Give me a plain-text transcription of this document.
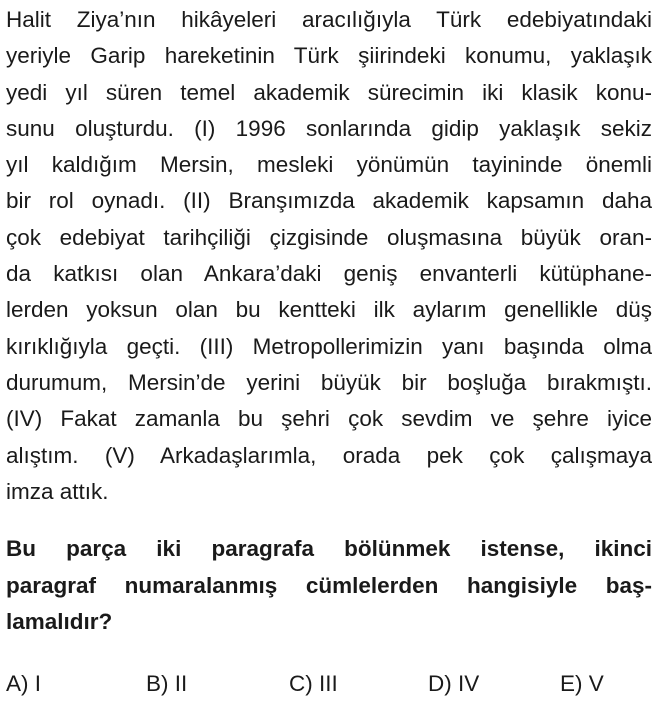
Halit Ziya’nın hikâyeleri aracılığıyla Türk edebiyatındaki
yeriyle Garip hareketinin Türk şiirindeki konumu, yaklaşık
yedi yıl süren temel akademik sürecimin iki klasik konu-
sunu oluşturdu. (I) 1996 sonlarında gidip yaklaşık sekiz
yıl kaldığım Mersin, mesleki yönümün tayininde önemli
bir rol oynadı. (II) Branşımızda akademik kapsamın daha
çok edebiyat tarihçiliği çizgisinde oluşmasına büyük oran-
da katkısı olan Ankara’daki geniş envanterli kütüphane-
lerden yoksun olan bu kentteki ilk aylarım genellikle düş
kırıklığıyla geçti. (III) Metropollerimizin yanı başında olma
durumum, Mersin’de yerini büyük bir boşluğa bırakmıştı.
(IV) Fakat zamanla bu şehri çok sevdim ve şehre iyice
alıştım. (V) Arkadaşlarımla, orada pek çok çalışmaya
imza attık.
Bu parça iki paragrafa bölünmek istense, ikinci
paragraf numaralanmış cümlelerden hangisiyle baş-
lamalıdır?
A) I	B) II	C) III	D) IV	E) V
